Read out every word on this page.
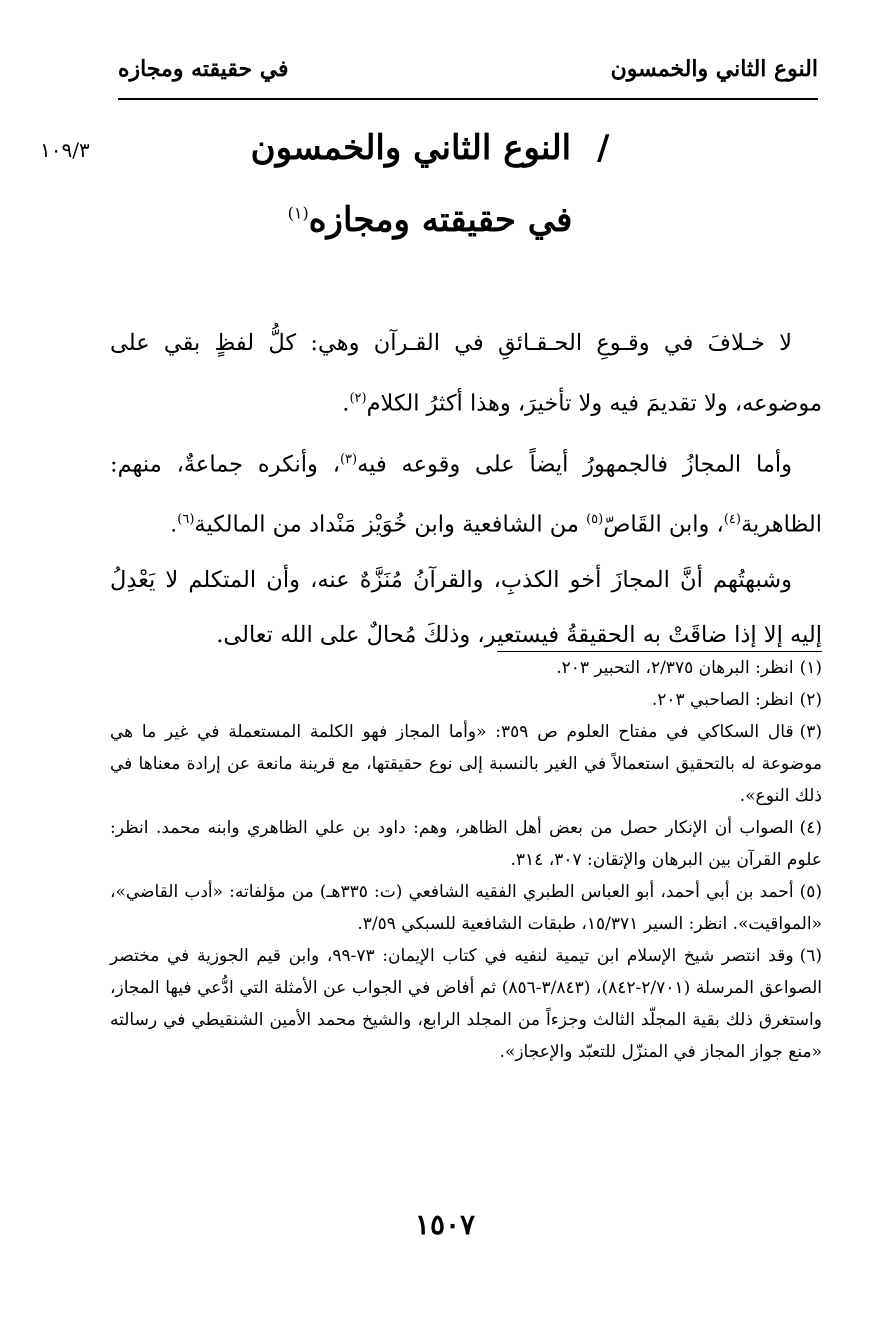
النوع الثاني والخمسون
في حقيقته ومجازه
١٠٩/٣	/ النوع الثاني والخمسون
في حقيقته ومجازه$^{(١)}$

لا خـلافَ في وقـوعِ الحـقـائقِ في القـرآن وهي: كلُّ لفظٍ بقي على موضوعه، ولا تقديمَ فيه ولا تأخيرَ، وهذا أكثرُ الكلام$^{(٢)}$.

وأما المجازُ فالجمهورُ أيضاً على وقوعه فيه$^{(٣)}$، وأنكره جماعةٌ، منهم: الظاهرية$^{(٤)}$، وابن القَاصّ$^{(٥)}$ من الشافعية وابن خُوَيْز مَنْداد من المالكية$^{(٦)}$.

وشبهتُهم أنَّ المجازَ أخو الكذبِ، والقرآنُ مُنَزَّهٌ عنه، وأن المتكلم لا يَعْدِلُ إليه إلا إذا ضاقَتْ به الحقيقةُ فيستعير، وذلكَ مُحالٌ على الله تعالى.

(١)انظر: البرهان ٢/٣٧٥، التحبير ٢٠٣.
(٢)انظر: الصاحبي ٢٠٣.
(٣)قال السكاكي في مفتاح العلوم ص ٣٥٩: «وأما المجاز فهو الكلمة المستعملة في غير ما هي موضوعة له بالتحقيق استعمالاً في الغير بالنسبة إلى نوع حقيقتها، مع قرينة مانعة عن إرادة معناها في ذلك النوع».
(٤)الصواب أن الإنكار حصل من بعض أهل الظاهر، وهم: داود بن علي الظاهري وابنه محمد. انظر: علوم القرآن بين البرهان والإتقان: ٣٠٧، ٣١٤.
(٥)أحمد بن أبي أحمد، أبو العباس الطبري الفقيه الشافعي (ت: ٣٣٥هـ) من مؤلفاته: «أدب القاضي»، «المواقيت». انظر: السير ١٥/٣٧١، طبقات الشافعية للسبكي ٣/٥٩.
(٦)وقد انتصر شيخ الإسلام ابن تيمية لنفيه في كتاب الإيمان: ٧٣-٩٩، وابن قيم الجوزية في مختصر الصواعق المرسلة (٢/٧٠١-٨٤٢)، (٣/٨٤٣-٨٥٦) ثم أفاض في الجواب عن الأمثلة التي ادُّعي فيها المجاز، واستغرق ذلك بقية المجلّد الثالث وجزءاً من المجلد الرابع، والشيخ محمد الأمين الشنقيطي في رسالته «منع جواز المجاز في المنزّل للتعبّد والإعجاز».
١٥٠٧
